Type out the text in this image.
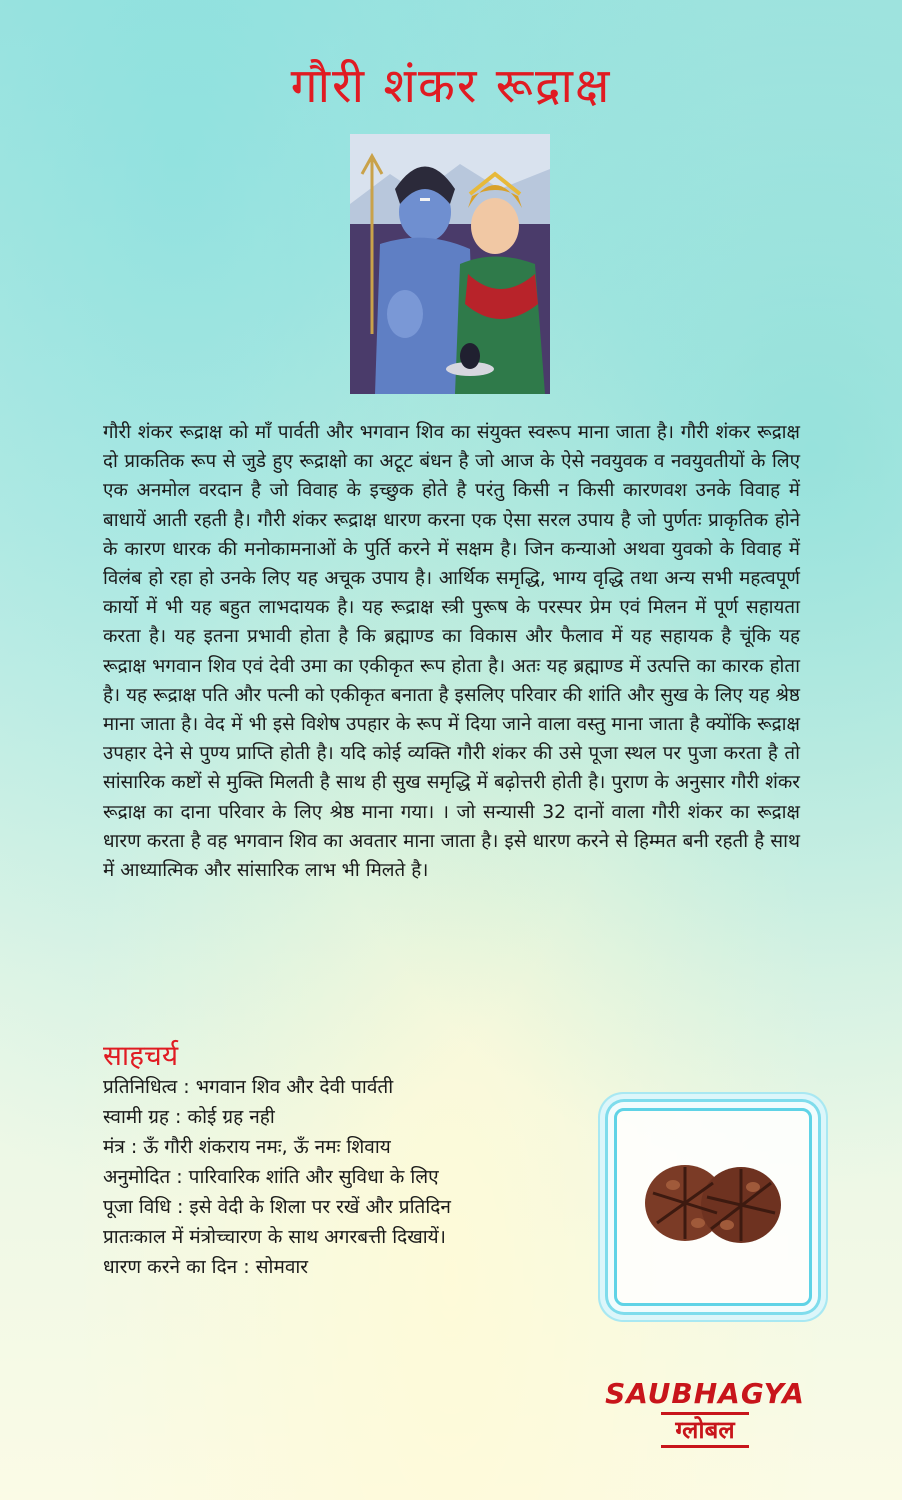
गौरी शंकर रूद्राक्ष

गौरी शंकर रूद्राक्ष को माँ पार्वती और भगवान शिव का संयुक्त स्वरूप माना जाता है। गौरी शंकर रूद्राक्ष दो प्राकतिक रूप से जुडे हुए रूद्राक्षो का अटूट बंधन है जो आज के ऐसे नवयुवक व नवयुवतीयों के लिए एक अनमोल वरदान है जो विवाह के इच्छुक होते है परंतु किसी न किसी कारणवश उनके विवाह में बाधायें आती रहती है। गौरी शंकर रूद्राक्ष धारण करना एक ऐसा सरल उपाय है जो पुर्णतः प्राकृतिक होने के कारण धारक की मनोकामनाओं के पुर्ति करने में सक्षम है। जिन कन्याओ अथवा युवको के विवाह में विलंब हो रहा हो उनके लिए यह अचूक उपाय है। आर्थिक समृद्धि, भाग्य वृद्धि तथा अन्य सभी महत्वपूर्ण कार्यो में भी यह बहुत लाभदायक है। यह रूद्राक्ष स्त्री पुरूष के परस्पर प्रेम एवं मिलन में पूर्ण सहायता करता है। यह इतना प्रभावी होता है कि ब्रह्माण्ड का विकास और फैलाव में यह सहायक है चूंकि यह रूद्राक्ष भगवान शिव एवं देवी उमा का एकीकृत रूप होता है। अतः यह ब्रह्माण्ड में उत्पत्ति का कारक होता है। यह रूद्राक्ष पति और पत्नी को एकीकृत बनाता है इसलिए परिवार की शांति और सुख के लिए यह श्रेष्ठ माना जाता है। वेद में भी इसे विशेष उपहार के रूप में दिया जाने वाला वस्तु माना जाता है क्योंकि रूद्राक्ष उपहार देने से पुण्य प्राप्ति होती है। यदि कोई व्यक्ति गौरी शंकर की उसे पूजा स्थल पर पुजा करता है तो सांसारिक कष्टों से मुक्ति मिलती है साथ ही सुख समृद्धि में बढ़ोत्तरी होती है। पुराण के अनुसार गौरी शंकर रूद्राक्ष का दाना परिवार के लिए श्रेष्ठ माना गया। । जो सन्यासी 32 दानों वाला गौरी शंकर का रूद्राक्ष धारण करता है वह भगवान शिव का अवतार माना जाता है। इसे धारण करने से हिम्मत बनी रहती है साथ में आध्यात्मिक और सांसारिक लाभ भी मिलते है।

साहचर्य
प्रतिनिधित्व : भगवान शिव और देवी पार्वती
स्वामी ग्रह : कोई ग्रह नही
मंत्र : ऊँ गौरी शंकराय नमः, ऊँ नमः शिवाय
अनुमोदित : पारिवारिक शांति और सुविधा के लिए
पूजा विधि : इसे वेदी के शिला पर रखें और प्रतिदिन
प्रातःकाल में मंत्रोच्चारण के साथ अगरबत्ती दिखायें।
धारण करने का दिन : सोमवार
SAUBHAGYA
ग्लोबल
